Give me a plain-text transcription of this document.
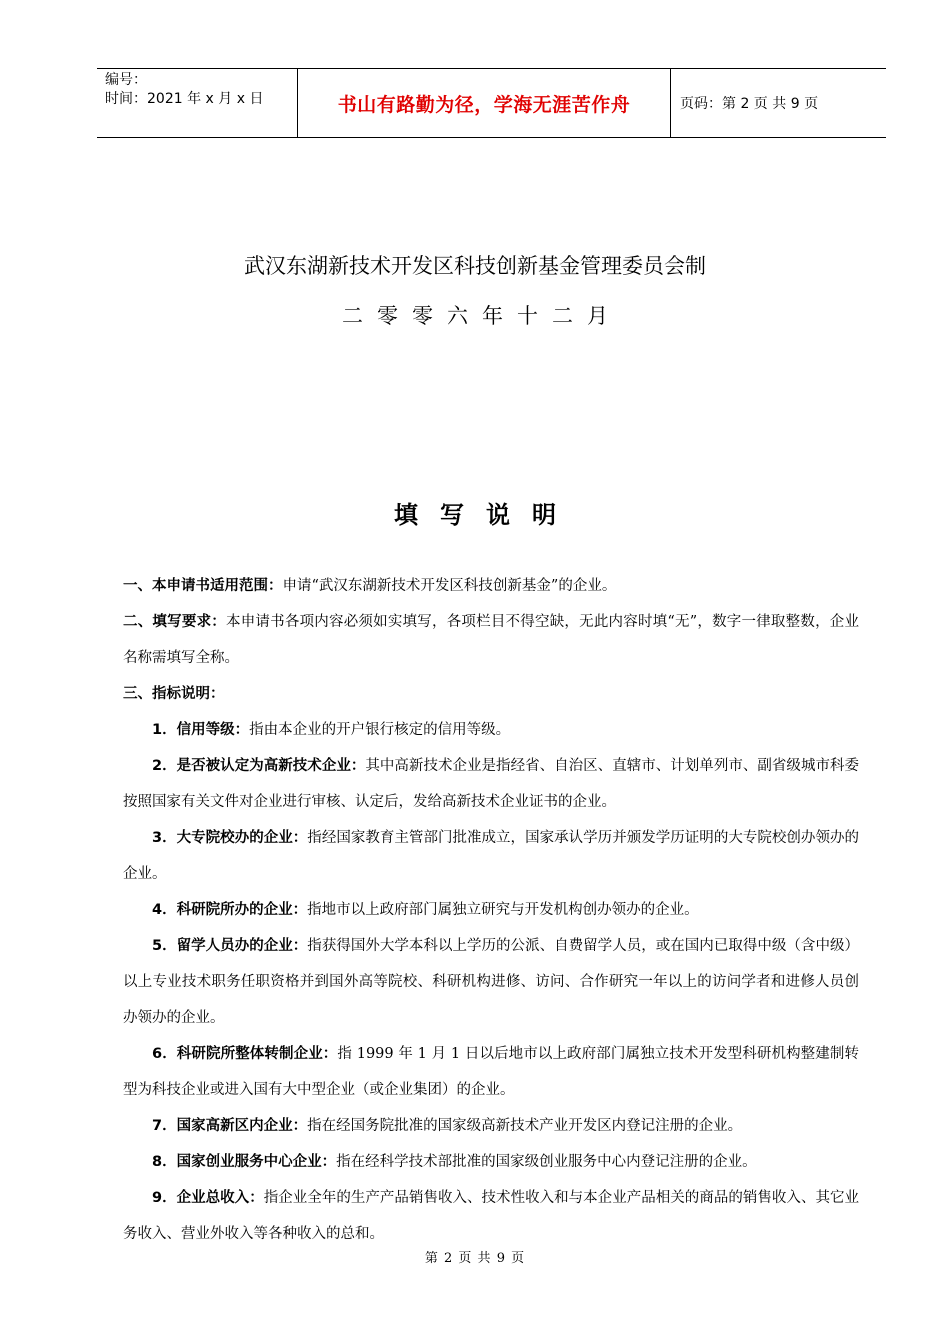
编号：
时间：2021 年 x 月 x 日	书山有路勤为径，学海无涯苦作舟	页码：第 2 页 共 9 页
武汉东湖新技术开发区科技创新基金管理委员会制
二零零六年十二月
填写说明

一、本申请书适用范围：申请“武汉东湖新技术开发区科技创新基金”的企业。

二、填写要求：本申请书各项内容必须如实填写，各项栏目不得空缺，无此内容时填“无”，数字一律取整数，企业名称需填写全称。

三、指标说明：

1．信用等级：指由本企业的开户银行核定的信用等级。

2．是否被认定为高新技术企业：其中高新技术企业是指经省、自治区、直辖市、计划单列市、副省级城市科委按照国家有关文件对企业进行审核、认定后，发给高新技术企业证书的企业。

3．大专院校办的企业：指经国家教育主管部门批准成立，国家承认学历并颁发学历证明的大专院校创办领办的企业。

4．科研院所办的企业：指地市以上政府部门属独立研究与开发机构创办领办的企业。

5．留学人员办的企业：指获得国外大学本科以上学历的公派、自费留学人员，或在国内已取得中级（含中级）以上专业技术职务任职资格并到国外高等院校、科研机构进修、访问、合作研究一年以上的访问学者和进修人员创办领办的企业。

6．科研院所整体转制企业：指 1999 年 1 月 1 日以后地市以上政府部门属独立技术开发型科研机构整建制转型为科技企业或进入国有大中型企业（或企业集团）的企业。

7．国家高新区内企业：指在经国务院批准的国家级高新技术产业开发区内登记注册的企业。

8．国家创业服务中心企业：指在经科学技术部批准的国家级创业服务中心内登记注册的企业。

9．企业总收入：指企业全年的生产产品销售收入、技术性收入和与本企业产品相关的商品的销售收入、其它业务收入、营业外收入等各种收入的总和。

第 2 页 共 9 页
